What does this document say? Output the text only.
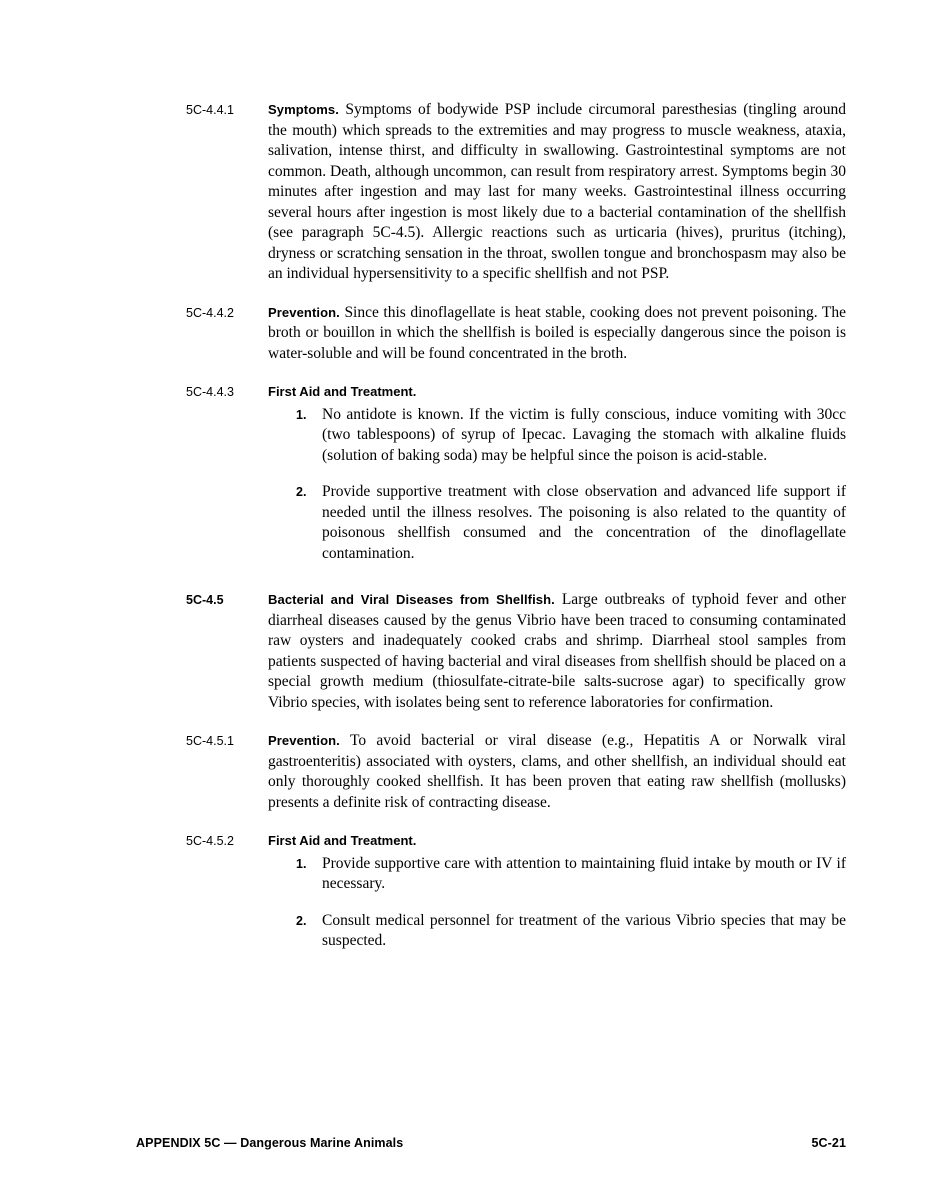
5C-4.4.1	Symptoms. Symptoms of bodywide PSP include circumoral paresthesias (tingling around the mouth) which spreads to the extremities and may progress to muscle weakness, ataxia, salivation, intense thirst, and difficulty in swallowing. Gastrointestinal symptoms are not common. Death, although uncommon, can result from respiratory arrest. Symptoms begin 30 minutes after ingestion and may last for many weeks. Gastrointestinal illness occurring several hours after ingestion is most likely due to a bacterial contamination of the shellfish (see paragraph 5C-4.5). Allergic reactions such as urticaria (hives), pruritus (itching), dryness or scratching sensation in the throat, swollen tongue and bronchospasm may also be an individual hypersensitivity to a specific shellfish and not PSP.
5C-4.4.2	Prevention. Since this dinoflagellate is heat stable, cooking does not prevent poisoning. The broth or bouillon in which the shellfish is boiled is especially dangerous since the poison is water-soluble and will be found concentrated in the broth.
5C-4.4.3	First Aid and Treatment.
1.	No antidote is known. If the victim is fully conscious, induce vomiting with 30cc (two tablespoons) of syrup of Ipecac. Lavaging the stomach with alkaline fluids (solution of baking soda) may be helpful since the poison is acid-stable.
2.	Provide supportive treatment with close observation and advanced life support if needed until the illness resolves. The poisoning is also related to the quantity of poisonous shellfish consumed and the concentration of the dinoflagellate contamination.
5C-4.5	Bacterial and Viral Diseases from Shellfish. Large outbreaks of typhoid fever and other diarrheal diseases caused by the genus Vibrio have been traced to consuming contaminated raw oysters and inadequately cooked crabs and shrimp. Diarrheal stool samples from patients suspected of having bacterial and viral diseases from shellfish should be placed on a special growth medium (thiosulfate-citrate-bile salts-sucrose agar) to specifically grow Vibrio species, with isolates being sent to reference laboratories for confirmation.
5C-4.5.1	Prevention. To avoid bacterial or viral disease (e.g., Hepatitis A or Norwalk viral gastroenteritis) associated with oysters, clams, and other shellfish, an individual should eat only thoroughly cooked shellfish. It has been proven that eating raw shellfish (mollusks) presents a definite risk of contracting disease.
5C-4.5.2	First Aid and Treatment.
1.	Provide supportive care with attention to maintaining fluid intake by mouth or IV if necessary.
2.	Consult medical personnel for treatment of the various Vibrio species that may be suspected.
APPENDIX 5C — Dangerous Marine Animals	5C-21
